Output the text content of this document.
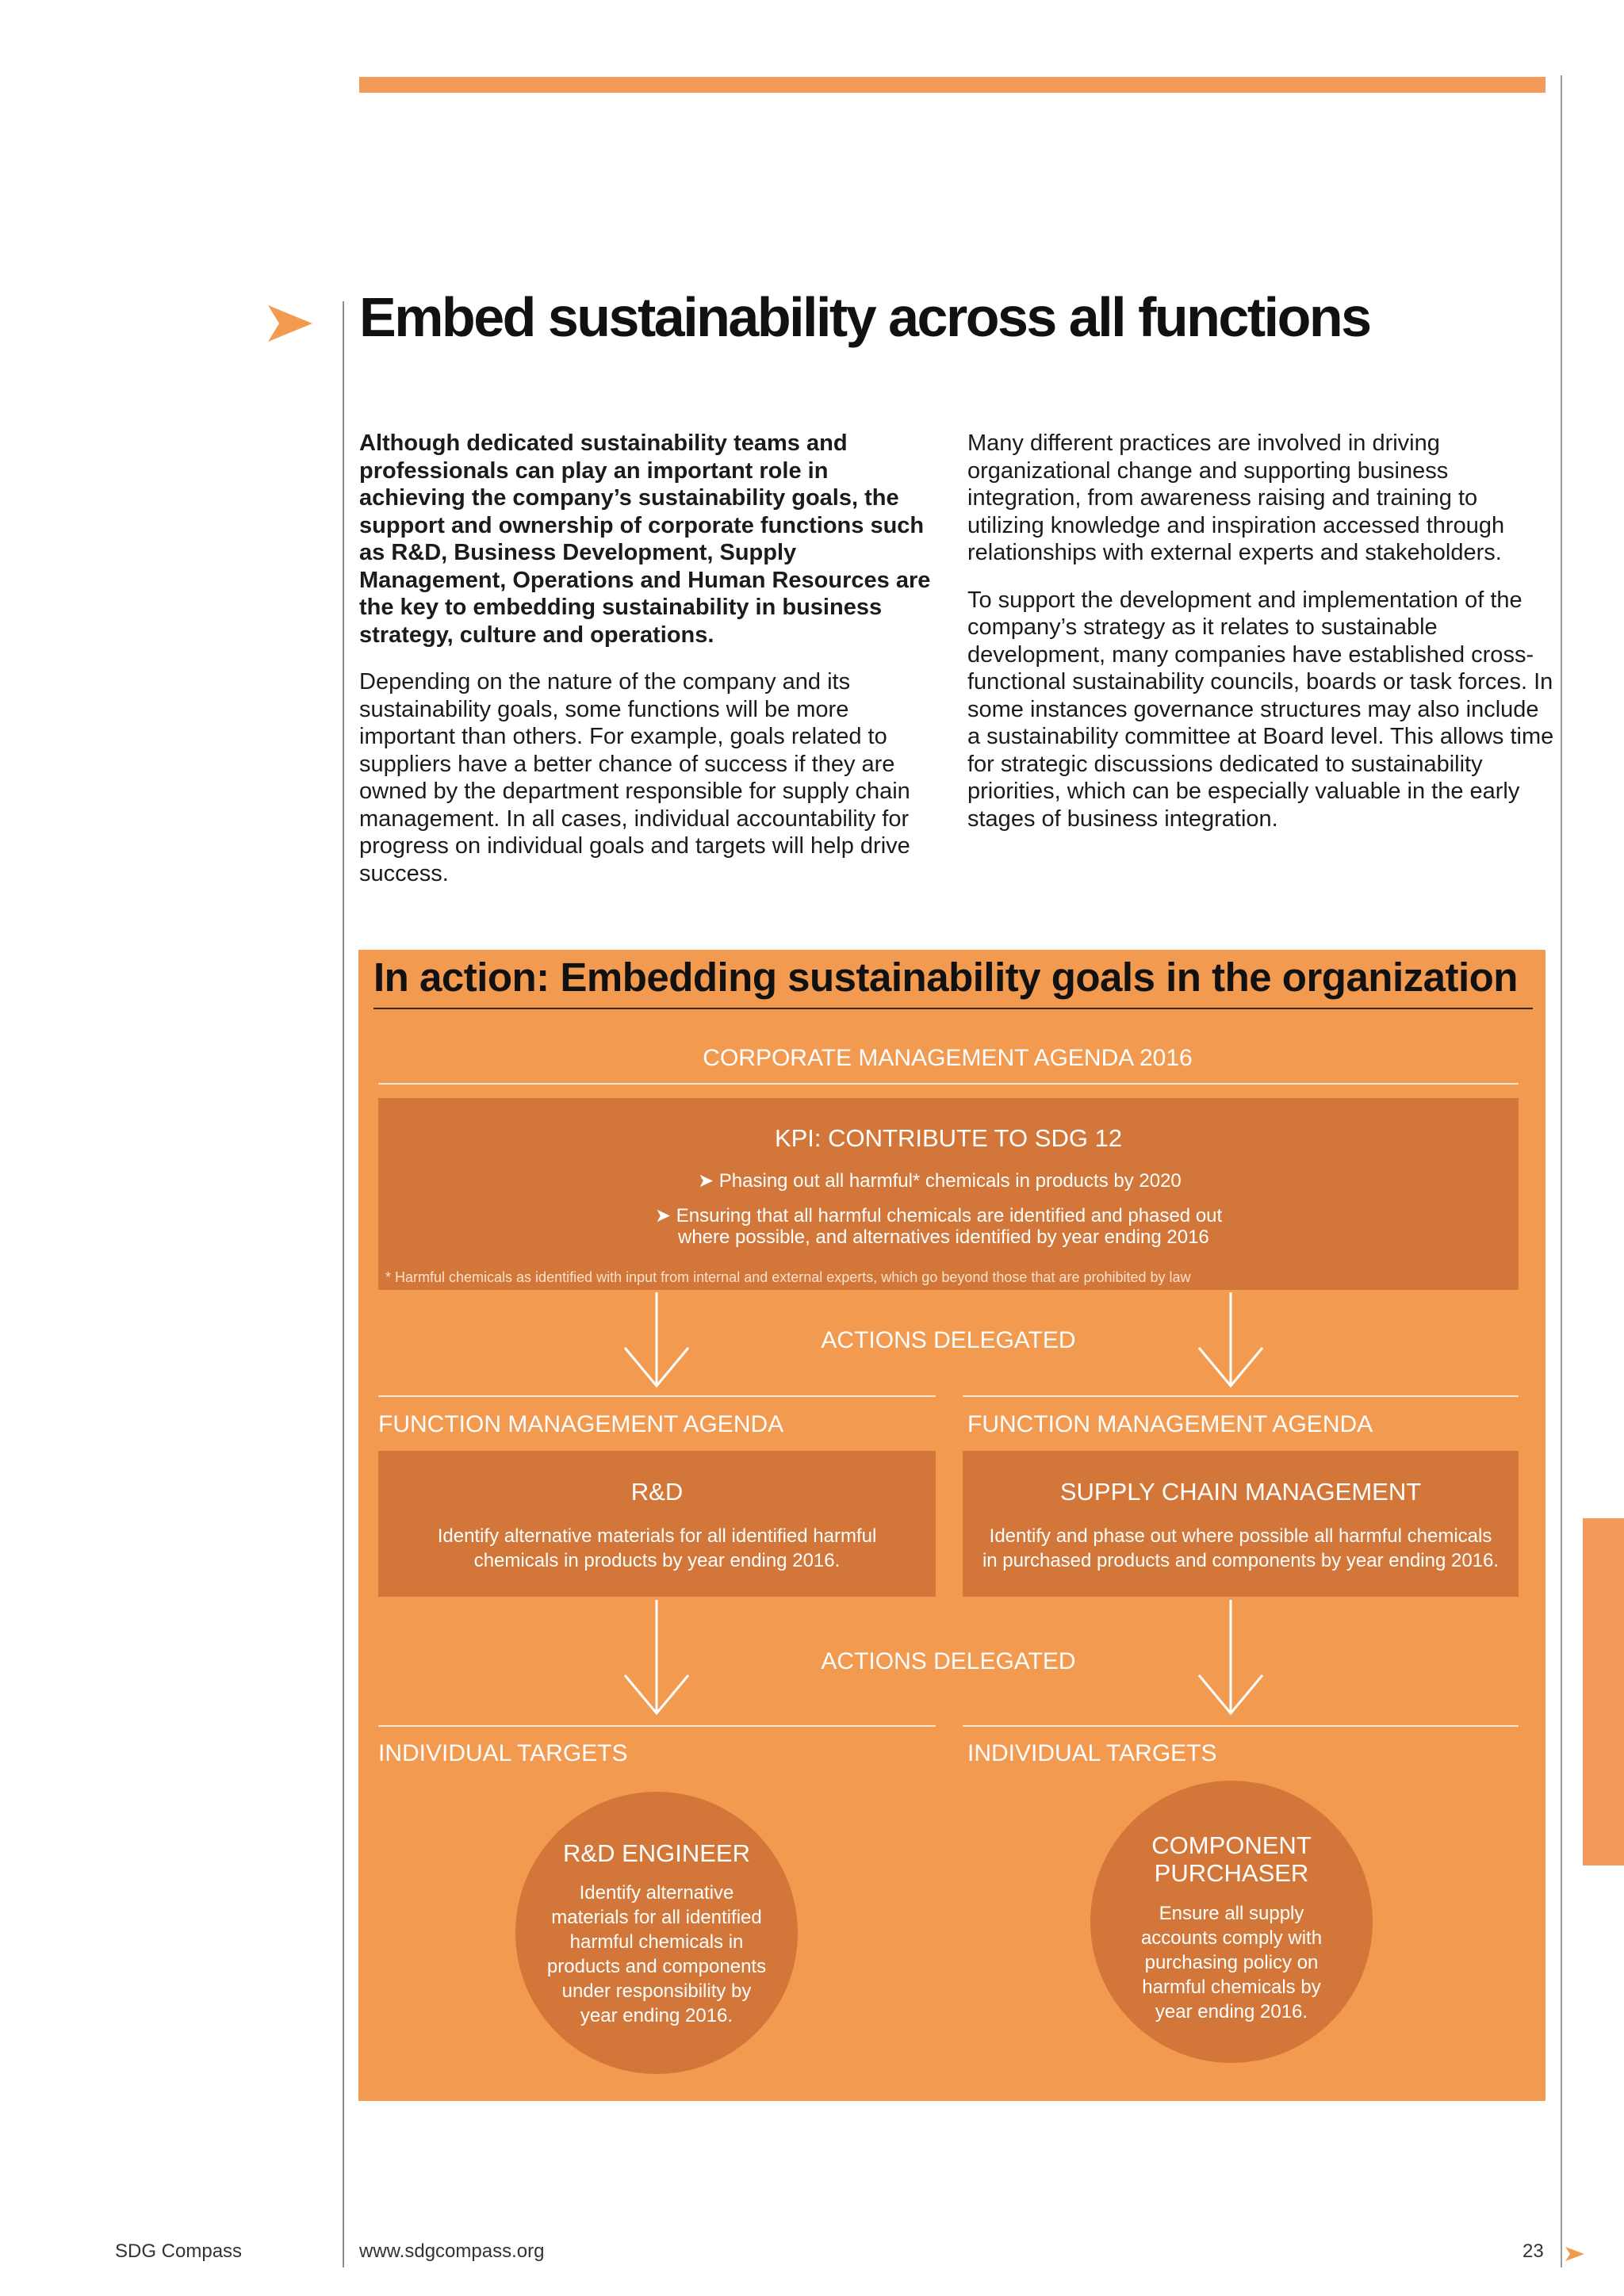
Embed sustainability across all functions

Although dedicated sustainability teams and professionals can play an important role in achieving the company’s sustainability goals, the support and ownership of corporate functions such as R&D, Business Development, Supply Management, Operations and Human Resources are the key to embedding sustainability in business strategy, culture and operations.

Depending on the nature of the company and its sustainability goals, some functions will be more important than others. For example, goals related to suppliers have a better chance of success if they are owned by the department responsible for supply chain management. In all cases, individual accountability for progress on individual goals and targets will help drive success.

Many different practices are involved in driving organizational change and supporting business integration, from awareness raising and training to utilizing knowledge and inspiration accessed through relationships with external experts and stakeholders.

To support the development and implementation of the company’s strategy as it relates to sustainable development, many companies have established cross-functional sustainability councils, boards or task forces. In some instances governance structures may also include a sustainability committee at Board level. This allows time for strategic discussions dedicated to sustainability priorities, which can be especially valuable in the early stages of business integration.

In action: Embedding sustainability goals in the organization
CORPORATE MANAGEMENT AGENDA 2016
KPI: CONTRIBUTE TO SDG 12
➤ Phasing out all harmful* chemicals in products by 2020
➤ Ensuring that all harmful chemicals are identified and phased out
where possible, and alternatives identified by year ending 2016
* Harmful chemicals as identified with input from internal and external experts, which go beyond those that are prohibited by law
ACTIONS DELEGATED
FUNCTION MANAGEMENT AGENDA	FUNCTION MANAGEMENT AGENDA
R&D
Identify alternative materials for all identified harmful
chemicals in products by year ending 2016.
SUPPLY CHAIN MANAGEMENT
Identify and phase out where possible all harmful chemicals
in purchased products and components by year ending 2016.
ACTIONS DELEGATED
INDIVIDUAL TARGETS	INDIVIDUAL TARGETS
R&D ENGINEER
Identify alternative
materials for all identified
harmful chemicals in
products and components
under responsibility by
year ending 2016.
COMPONENT
PURCHASER
Ensure all supply
accounts comply with
purchasing policy on
harmful chemicals by
year ending 2016.
SDG Compass	www.sdgcompass.org	23
